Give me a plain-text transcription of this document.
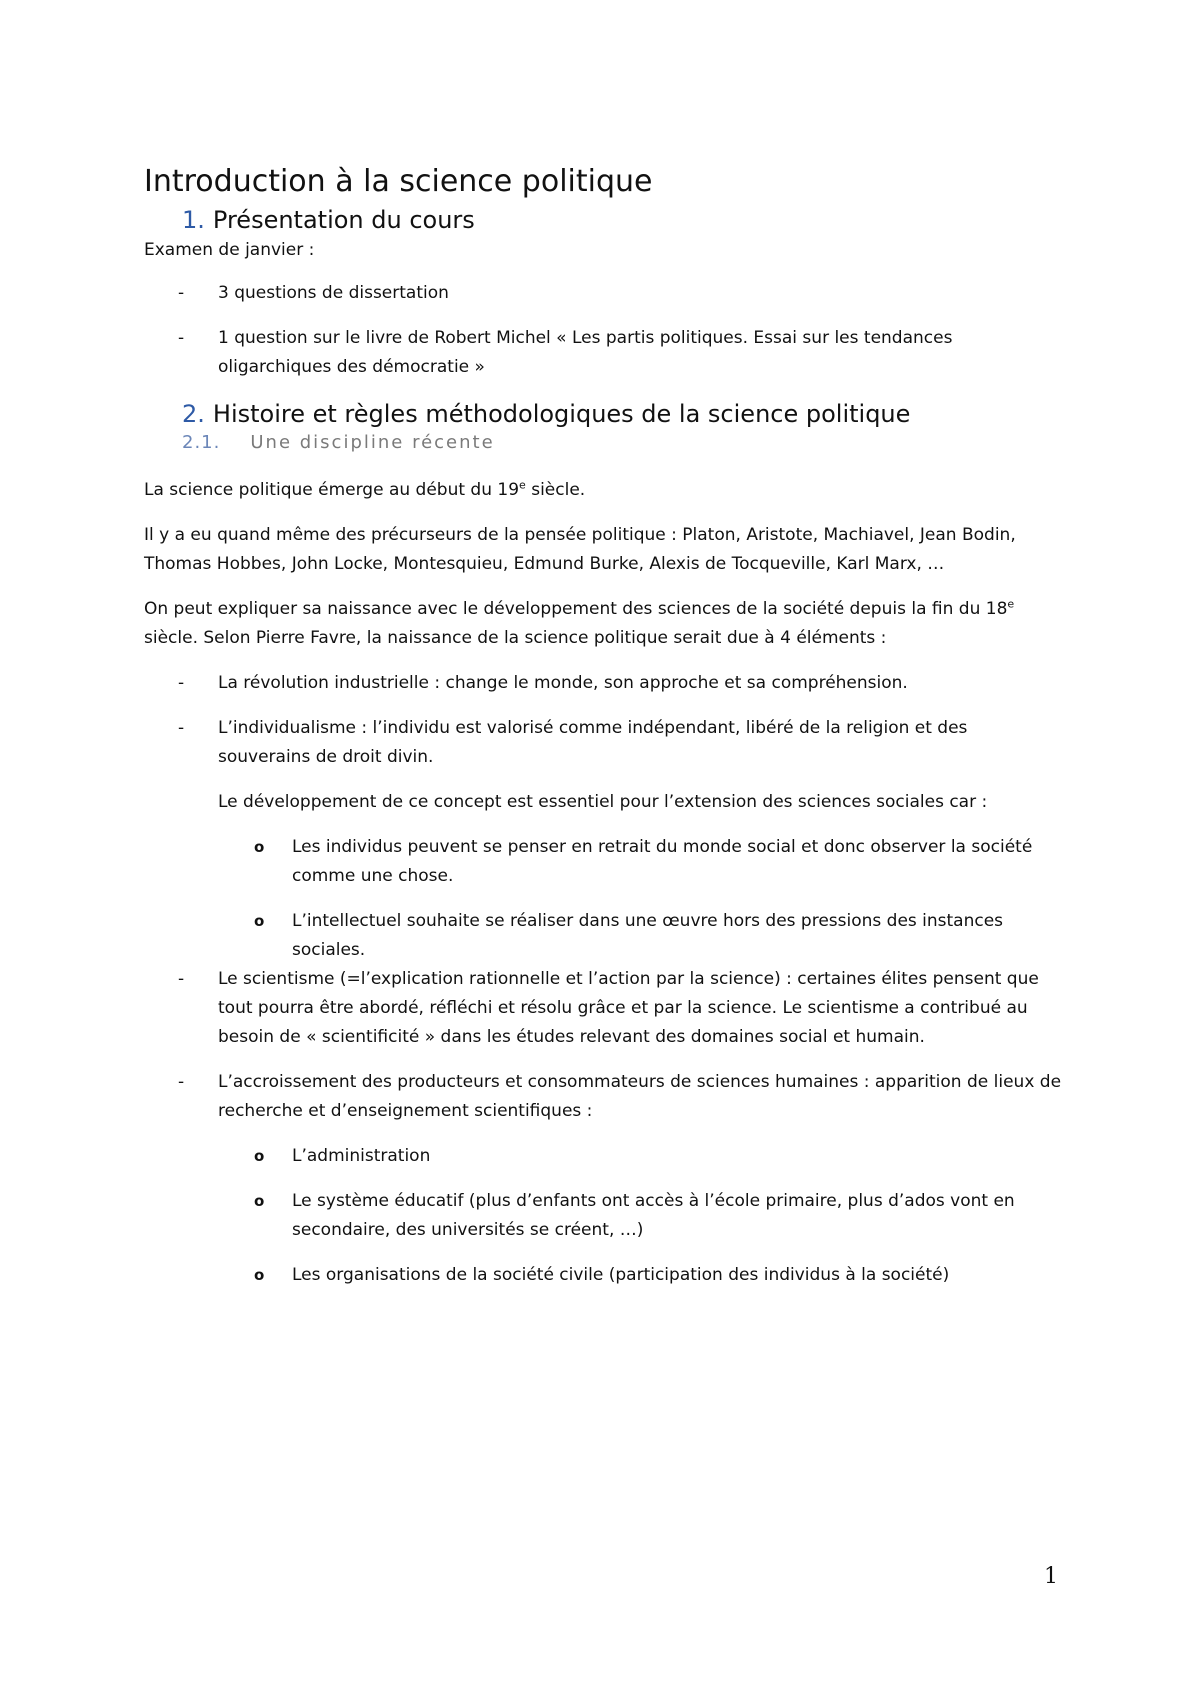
Introduction à la science politique
1. Présentation du cours

Examen de janvier :

- 3 questions de dissertation
- 1 question sur le livre de Robert Michel « Les partis politiques. Essai sur les tendances oligarchiques des démocratie »
2. Histoire et règles méthodologiques de la science politique
2.1. Une discipline récente

La science politique émerge au début du 19e siècle.

Il y a eu quand même des précurseurs de la pensée politique : Platon, Aristote, Machiavel, Jean Bodin, Thomas Hobbes, John Locke, Montesquieu, Edmund Burke, Alexis de Tocqueville, Karl Marx, …

On peut expliquer sa naissance avec le développement des sciences de la société depuis la fin du 18e siècle. Selon Pierre Favre, la naissance de la science politique serait due à 4 éléments :

- La révolution industrielle : change le monde, son approche et sa compréhension.
- L’individualisme : l’individu est valorisé comme indépendant, libéré de la religion et des souverains de droit divin.
Le développement de ce concept est essentiel pour l’extension des sciences sociales car :
o Les individus peuvent se penser en retrait du monde social et donc observer la société comme une chose.
o L’intellectuel souhaite se réaliser dans une œuvre hors des pressions des instances sociales.
- Le scientisme (=l’explication rationnelle et l’action par la science) : certaines élites pensent que tout pourra être abordé, réfléchi et résolu grâce et par la science. Le scientisme a contribué au besoin de « scientificité » dans les études relevant des domaines social et humain.
- L’accroissement des producteurs et consommateurs de sciences humaines : apparition de lieux de recherche et d’enseignement scientifiques :
o L’administration
o Le système éducatif (plus d’enfants ont accès à l’école primaire, plus d’ados vont en secondaire, des universités se créent, …)
o Les organisations de la société civile (participation des individus à la société)
1
